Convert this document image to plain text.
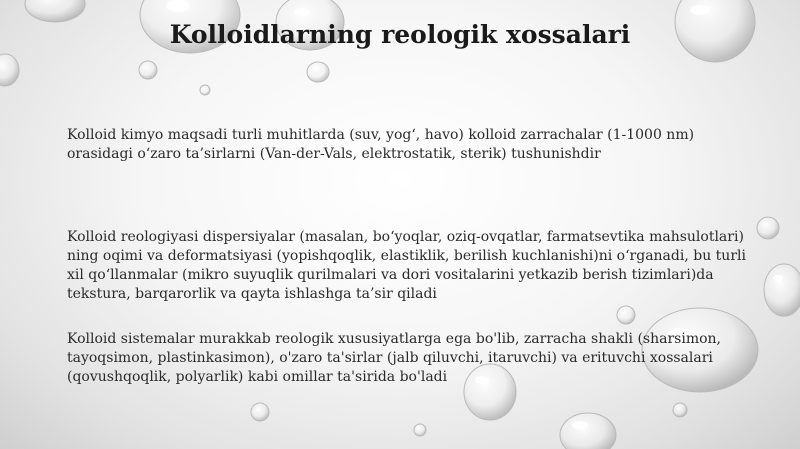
Kolloidlarning reologik xossalari

Kolloid kimyo maqsadi turli muhitlarda (suv, yog‘, havo) kolloid zarrachalar (1-1000 nm) orasidagi o‘zaro ta’sirlarni (Van-der-Vals, elektrostatik, sterik) tushunishdir

Kolloid reologiyasi dispersiyalar (masalan, bo‘yoqlar, oziq-ovqatlar, farmatsevtika mahsulotlari) ning oqimi va deformatsiyasi (yopishqoqlik, elastiklik, berilish kuchlanishi)ni o‘rganadi, bu turli xil qo‘llanmalar (mikro suyuqlik qurilmalari va dori vositalarini yetkazib berish tizimlari)da tekstura, barqarorlik va qayta ishlashga ta’sir qiladi

Kolloid sistemalar murakkab reologik xususiyatlarga ega bo'lib, zarracha shakli (sharsimon, tayoqsimon, plastinkasimon), o'zaro ta'sirlar (jalb qiluvchi, itaruvchi) va erituvchi xossalari (qovushqoqlik, polyarlik) kabi omillar ta'sirida bo'ladi
